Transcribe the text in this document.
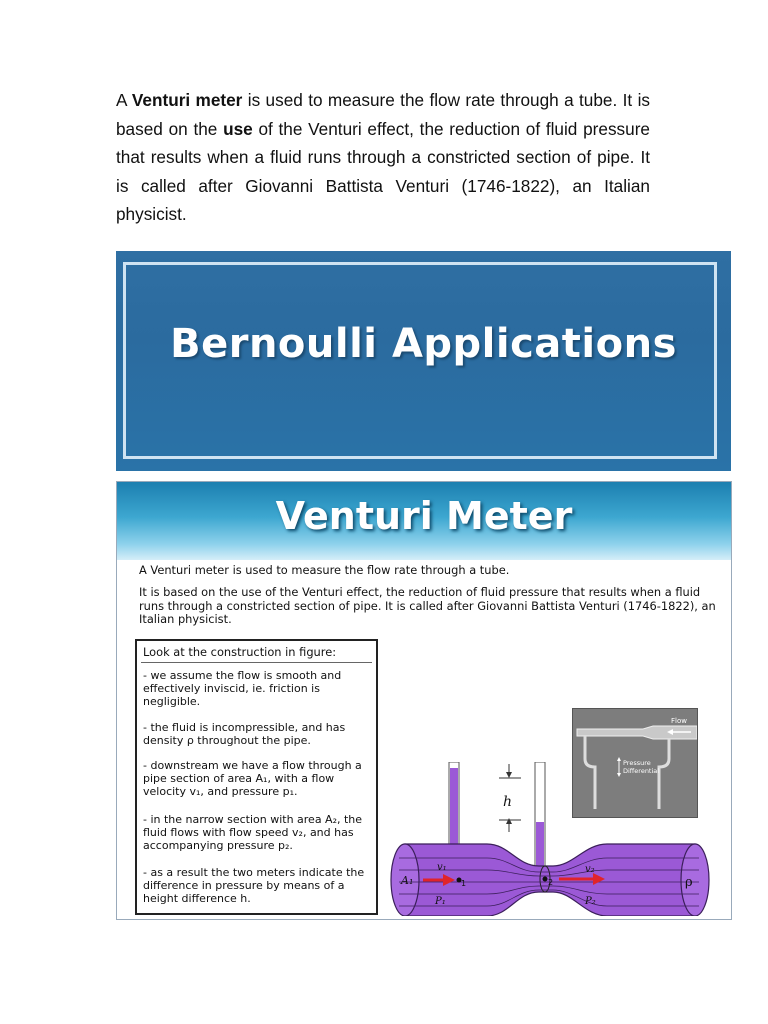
A Venturi meter is used to measure the flow rate through a tube. It is based on the use of the Venturi effect, the reduction of fluid pressure that results when a fluid runs through a constricted section of pipe. It is called after Giovanni Battista Venturi (1746-1822), an Italian physicist.
Bernoulli Applications
Venturi Meter
A Venturi meter is used to measure the flow rate through a tube.
It is based on the use of the Venturi effect, the reduction of fluid pressure that results when a fluid runs through a constricted section of pipe. It is called after Giovanni Battista Venturi (1746-1822), an Italian physicist.
Look at the construction in figure:
- we assume the flow is smooth and effectively inviscid, ie. friction is negligible.
- the fluid is incompressible, and has density ρ throughout the pipe.
- downstream we have a flow through a pipe section of area A₁, with a flow velocity v₁, and pressure p₁.
- in the narrow section with area A₂, the fluid flows with flow speed v₂, and has accompanying pressure p₂.
- as a result the two meters indicate the difference in pressure by means of a height difference h.
Flow
Pressure
Differential
h
A₁
P₁
v₁
1	2
v₂
P₂
ρ
